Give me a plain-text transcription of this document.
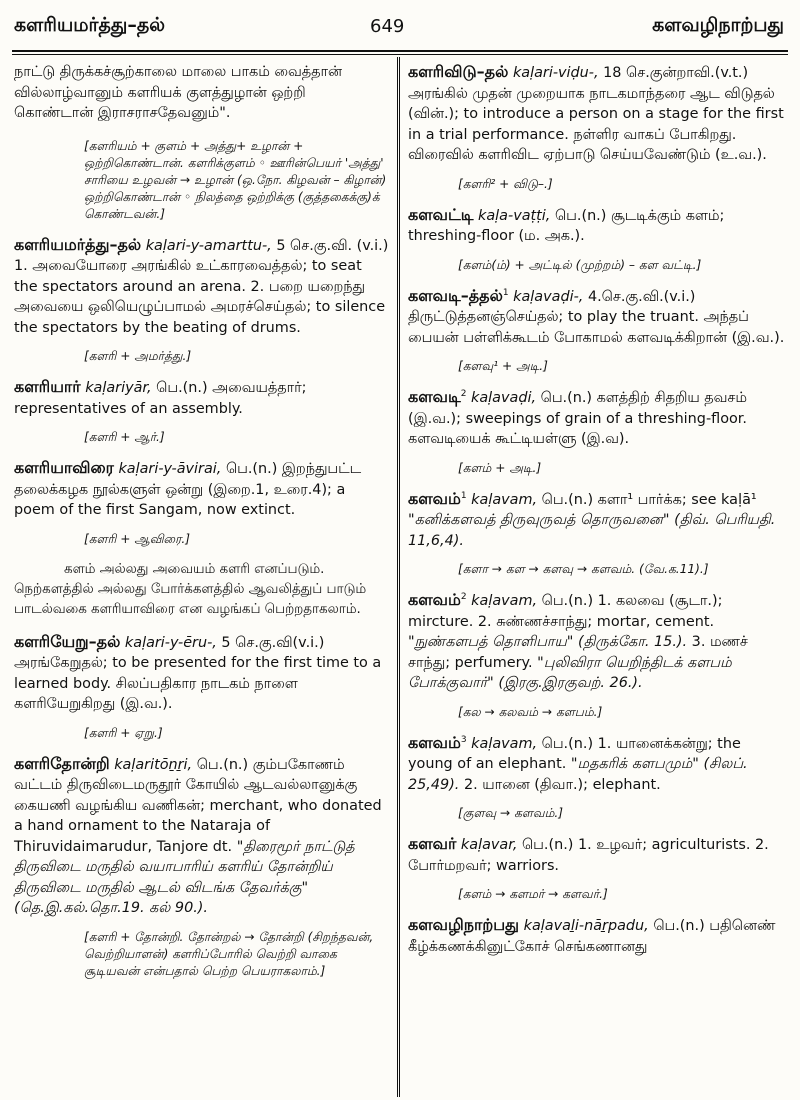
களரியமர்த்து–தல்	649	களவழிநாற்பது

நாட்டு திருக்கச்சூற்காலை மாலை பாகம் வைத்தான் வில்லாழ்வானும் களரியக் குளத்துழான் ஒற்றி கொண்டான் இராசராசதேவனும்".

[களரியம் + குளம் + அத்து+ உழான் + ஒற்றிகொண்டான். களரிக்குளம் ◦ ஊரின்பெயர் 'அத்து' சாரியை உழவன் → உழான் (ஒ.நோ. கிழவன் – கிழான்) ஒற்றிகொண்டான் ◦ நிலத்தை ஒற்றிக்கு (குத்தகைக்கு)க் கொண்டவன்.]

களரியமர்த்து–தல் kaḷari-y-amarttu-, 5 செ.கு.வி. (v.i.) 1. அவையோரை அரங்கில் உட்காரவைத்தல்; to seat the spectators around an arena. 2. பறை யறைந்து அவையை ஒலியெழுப்பாமல் அமரச்செய்தல்; to silence the spectators by the beating of drums.

[களரி + அமர்த்து.]

களரியார் kaḷariyār, பெ.(n.) அவையத்தார்; representatives of an assembly.

[களரி + ஆர்.]

களரியாவிரை kaḷari-y-āvirai, பெ.(n.) இறந்துபட்ட தலைக்கழக நூல்களுள் ஒன்று (இறை.1, உரை.4); a poem of the first Sangam, now extinct.

[களரி + ஆவிரை.]

களம் அல்லது அவையம் களரி எனப்படும். நெற்களத்தில் அல்லது போர்க்களத்தில் ஆவலித்துப் பாடும் பாடல்வகை களரியாவிரை என வழங்கப் பெற்றதாகலாம்.

களரியேறு–தல் kaḷari-y-ēru-, 5 செ.கு.வி(v.i.) அரங்கேறுதல்; to be presented for the first time to a learned body. சிலப்பதிகார நாடகம் நாளை களரியேறுகிறது (இ.வ.).

[களரி + ஏறு.]

களரிதோன்றி kaḷaritōṉṟi, பெ.(n.) கும்பகோணம் வட்டம் திருவிடைமருதூர் கோயில் ஆடவல்லானுக்கு கையணி வழங்கிய வணிகன்; merchant, who donated a hand ornament to the Nataraja of Thiruvidaimarudur, Tanjore dt. "திரைமூர் நாட்டுத் திருவிடை மருதில் வயாபாரிய் களரிய் தோன்றிய் திருவிடை மருதில் ஆடல் விடங்க தேவர்க்கு" (தெ.இ.கல்.தொ.19. கல் 90.).

[களரி + தோன்றி. தோன்றல் → தோன்றி (சிறந்தவன், வெற்றியாளன்) களரிப்போரில் வெற்றி வாகை சூடியவன் என்பதால் பெற்ற பெயராகலாம்.]

களரிவிடு–தல் kaḷari-viḍu-, 18 செ.குன்றாவி.(v.t.) அரங்கில் முதன் முறையாக நாடகமாந்தரை ஆட விடுதல் (வின்.); to introduce a person on a stage for the first in a trial performance. நள்ளிர வாகப் போகிறது. விரைவில் களரிவிட ஏற்பாடு செய்யவேண்டும் (உ.வ.).

[களரி² + விடு–.]

களவட்டி kaḷa-vaṭṭi, பெ.(n.) சூடடிக்கும் களம்; threshing-floor (ம. அக.).

[களம்(ம்) + அட்டில் (முற்றம்) – கள வட்டி.]

களவடி–த்தல்$^1$ kaḷavaḍi-, 4.செ.கு.வி.(v.i.) திருட்டுத்தனஞ்செய்தல்; to play the truant. அந்தப் பையன் பள்ளிக்கூடம் போகாமல் களவடிக்கிறான் (இ.வ.).

[களவு¹ + அடி.]

களவடி$^2$ kaḷavaḍi, பெ.(n.) களத்திற் சிதறிய தவசம் (இ.வ.); sweepings of grain of a threshing-floor. களவடியைக் கூட்டியள்ளு (இ.வ).

[களம் + அடி.]

களவம்$^1$ kaḷavam, பெ.(n.) களா¹ பார்க்க; see kaḷā¹ "கனிக்களவத் திருவுருவத் தொருவனை" (திவ். பெரியதி. 11,6,4).

[களா → கள → களவு → களவம். (வே.க.11).]

களவம்$^2$ kaḷavam, பெ.(n.) 1. கலவை (சூடா.); mircture. 2. சுண்ணச்சாந்து; mortar, cement. "நுண்களபத் தொளிபாய" (திருக்கோ. 15.). 3. மணச் சாந்து; perfumery. "புலிவிரா யெறிந்திடக் களபம் போக்குவார்" (இரகு.இரகுவற். 26.).

[கல → கலவம் → களபம்.]

களவம்$^3$ kaḷavam, பெ.(n.) 1. யானைக்கன்று; the young of an elephant. "மதகரிக் களபமும்" (சிலப். 25,49). 2. யானை (திவா.); elephant.

[குளவு → களவம்.]

களவர் kaḷavar, பெ.(n.) 1. உழவர்; agriculturists. 2. போர்மறவர்; warriors.

[களம் → களமர் → களவர்.]

களவழிநாற்பது kaḷavaḻi-nāṟpadu, பெ.(n.) பதினெண் கீழ்க்கணக்கினுட்கோச் செங்கணானது
